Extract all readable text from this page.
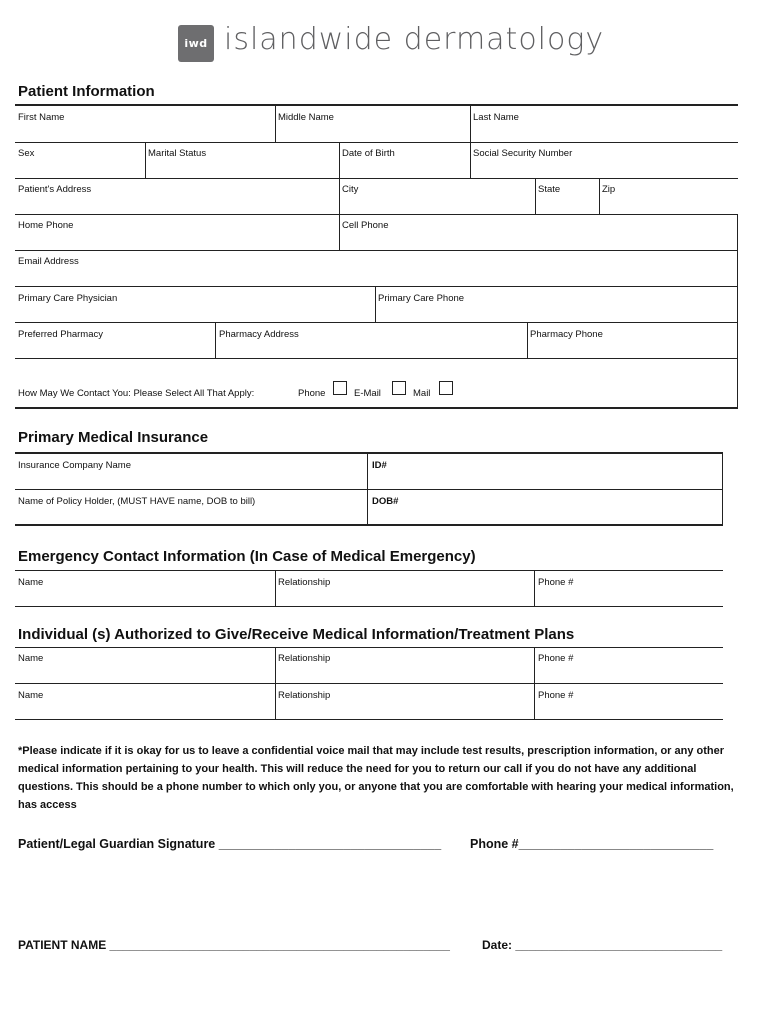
iwd islandwide dermatology
Patient Information
First Name	Middle Name	Last Name
Sex	Marital Status	Date of Birth	Social Security Number
Patient's Address	City	State	Zip
Home Phone	Cell Phone
Email Address
Primary Care Physician	Primary Care Phone
Preferred Pharmacy	Pharmacy Address	Pharmacy Phone
How May We Contact You: Please Select All That Apply:	Phone	E-Mail	Mail
Primary Medical Insurance
Insurance Company Name	ID#
Name of Policy Holder, (MUST HAVE name, DOB to bill)	DOB#
Emergency Contact Information (In Case of Medical Emergency)
Name	Relationship	Phone #
Individual (s) Authorized to Give/Receive Medical Information/Treatment Plans
Name	Relationship	Phone #
Name	Relationship	Phone #
*Please indicate if it is okay for us to leave a confidential voice mail that may include test results, prescription information, or any other medical information pertaining to your health. This will reduce the need for you to return our call if you do not have any additional questions. This should be a phone number to which only you, or anyone that you are comfortable with hearing your medical information, has access
Patient/Legal Guardian Signature ________________________________ Phone #____________________________
PATIENT NAME ___________________________________________________	Date: _______________________________
